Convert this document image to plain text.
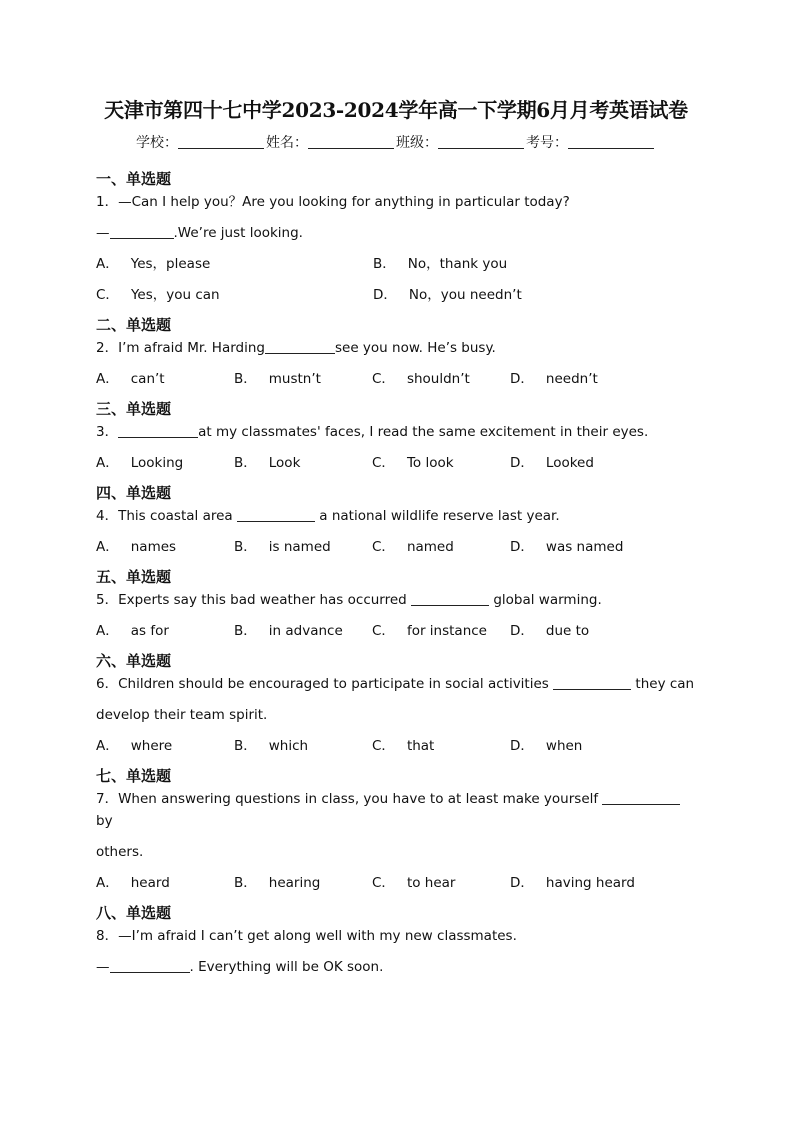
天津市第四十七中学2023-2024学年高一下学期6月月考英语试卷
学校：	姓名：	班级：	考号：

一、单选题

1．—Can I help you？Are you looking for anything in particular today?

—	.We’re just looking.

A． Yes，please	B． No，thank you
C． Yes，you can	D． No，you needn’t

二、单选题

2．I’m afraid Mr. Harding	see you now. He’s busy.

A． can’t	B． mustn’t	C． shouldn’t	D． needn’t

三、单选题

3．	at my classmates' faces, I read the same excitement in their eyes.

A． Looking	B． Look	C． To look	D． Looked

四、单选题

4．This coastal area	a national wildlife reserve last year.

A． names	B． is named	C． named	D． was named

五、单选题

5．Experts say this bad weather has occurred	global warming.

A． as for	B． in advance	C． for instance	D． due to

六、单选题

6．Children should be encouraged to participate in social activities	they can

develop their team spirit.

A． where	B． which	C． that	D． when

七、单选题

7．When answering questions in class, you have to at least make yourself  by

others.

A． heard	B． hearing	C． to hear	D． having heard

八、单选题

8．—I’m afraid I can’t get along well with my new classmates.

—	. Everything will be OK soon.
